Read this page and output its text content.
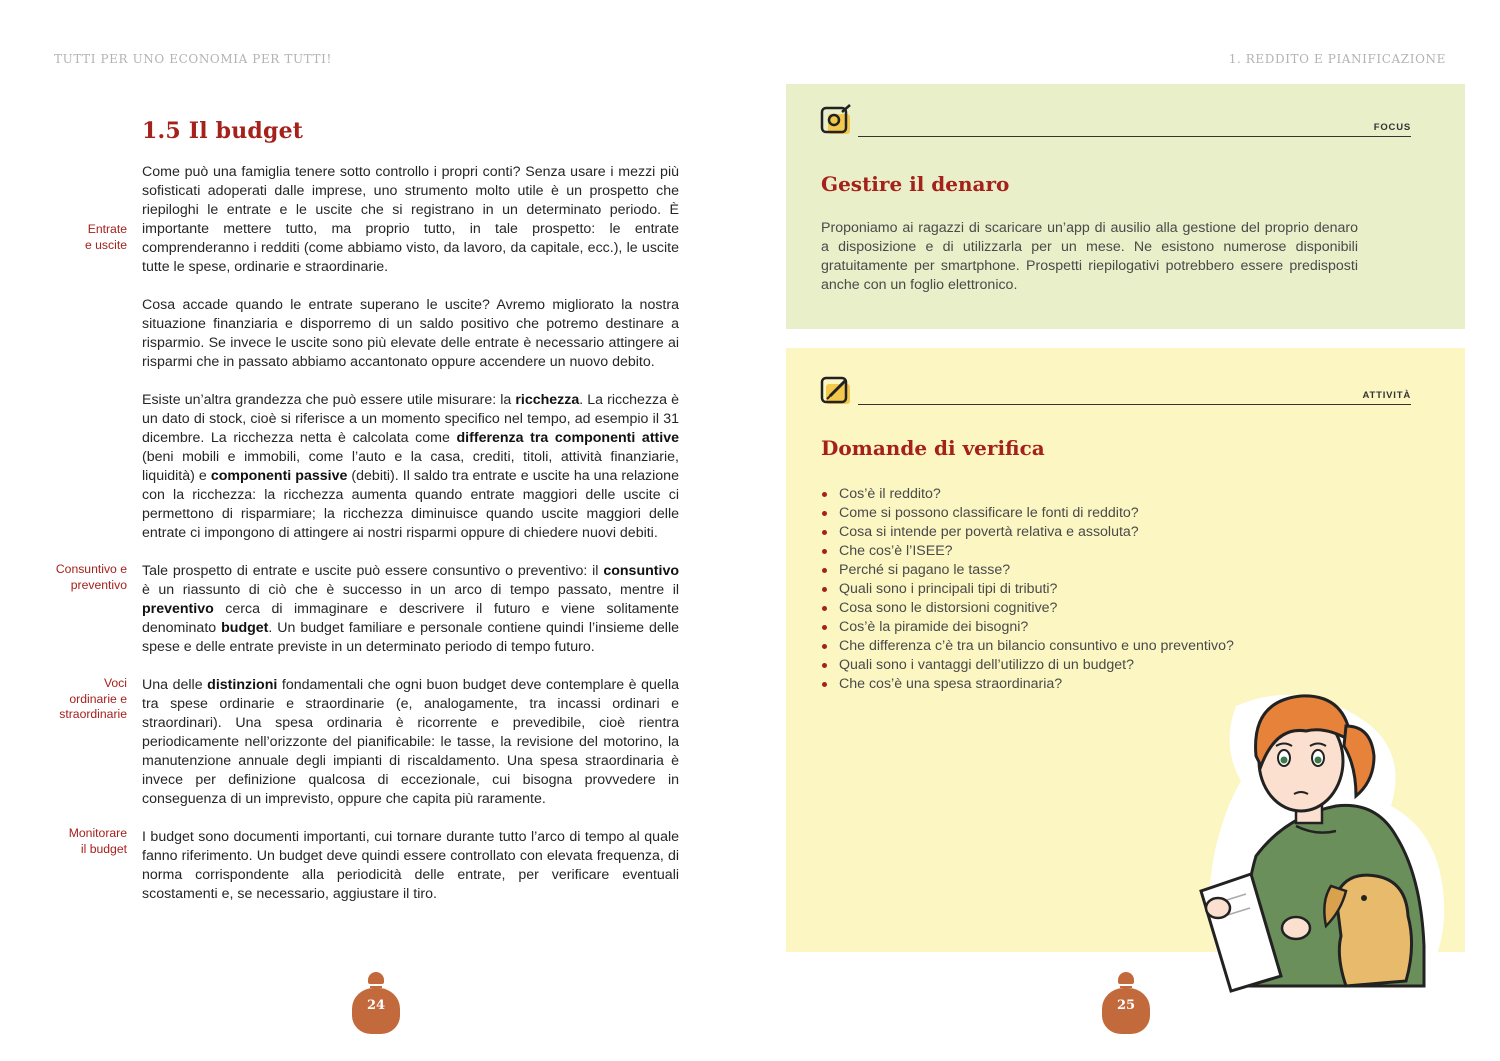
TUTTI PER UNO ECONOMIA PER TUTTI!	1. REDDITO E PIANIFICAZIONE
1.5 Il budget
Entrate
e uscite
Consuntivo e
preventivo
Voci
ordinarie e
straordinarie
Monitorare
il budget

Come può una famiglia tenere sotto controllo i propri conti? Senza usare i mezzi più sofisticati adoperati dalle imprese, uno strumento molto utile è un prospetto che riepiloghi le entrate e le uscite che si registrano in un determinato periodo. È importante mettere tutto, ma proprio tutto, in tale prospetto: le entrate comprenderanno i redditi (come abbiamo visto, da lavoro, da capitale, ecc.), le uscite tutte le spese, ordinarie e straordinarie.

Cosa accade quando le entrate superano le uscite? Avremo migliorato la nostra situazione finanziaria e disporremo di un saldo positivo che potremo destinare a risparmio. Se invece le uscite sono più elevate delle entrate è necessario attingere ai risparmi che in passato abbiamo accantonato oppure accendere un nuovo debito.

Esiste un’altra grandezza che può essere utile misurare: la ricchezza. La ricchezza è un dato di stock, cioè si riferisce a un momento specifico nel tempo, ad esempio il 31 dicembre. La ricchezza netta è calcolata come differenza tra componenti attive (beni mobili e immobili, come l’auto e la casa, crediti, titoli, attività finanziarie, liquidità) e componenti passive (debiti). Il saldo tra entrate e uscite ha una relazione con la ricchezza: la ricchezza aumenta quando entrate maggiori delle uscite ci permettono di risparmiare; la ricchezza diminuisce quando uscite maggiori delle entrate ci impongono di attingere ai nostri risparmi oppure di chiedere nuovi debiti.

Tale prospetto di entrate e uscite può essere consuntivo o preventivo: il consuntivo è un riassunto di ciò che è successo in un arco di tempo passato, mentre il preventivo cerca di immaginare e descrivere il futuro e viene solitamente denominato budget. Un budget familiare e personale contiene quindi l’insieme delle spese e delle entrate previste in un determinato periodo di tempo futuro.

Una delle distinzioni fondamentali che ogni buon budget deve contemplare è quella tra spese ordinarie e straordinarie (e, analogamente, tra incassi ordinari e straordinari). Una spesa ordinaria è ricorrente e prevedibile, cioè rientra periodicamente nell’orizzonte del pianificabile: le tasse, la revisione del motorino, la manutenzione annuale degli impianti di riscaldamento. Una spesa straordinaria è invece per definizione qualcosa di eccezionale, cui bisogna provvedere in conseguenza di un imprevisto, oppure che capita più raramente.

I budget sono documenti importanti, cui tornare durante tutto l’arco di tempo al quale fanno riferimento. Un budget deve quindi essere controllato con elevata frequenza, di norma corrispondente alla periodicità delle entrate, per verificare eventuali scostamenti e, se necessario, aggiustare il tiro.

24
FOCUS
Gestire il denaro

Proponiamo ai ragazzi di scaricare un’app di ausilio alla gestione del proprio denaro a disposizione e di utilizzarla per un mese. Ne esistono numerose disponibili gratuitamente per smartphone. Prospetti riepilogativi potrebbero essere predisposti anche con un foglio elettronico.

ATTIVITÀ
Domande di verifica
Cos’è il reddito?
Come si possono classificare le fonti di reddito?
Cosa si intende per povertà relativa e assoluta?
Che cos’è l’ISEE?
Perché si pagano le tasse?
Quali sono i principali tipi di tributi?
Cosa sono le distorsioni cognitive?
Cos’è la piramide dei bisogni?
Che differenza c’è tra un bilancio consuntivo e uno preventivo?
Quali sono i vantaggi dell’utilizzo di un budget?
Che cos’è una spesa straordinaria?
25
